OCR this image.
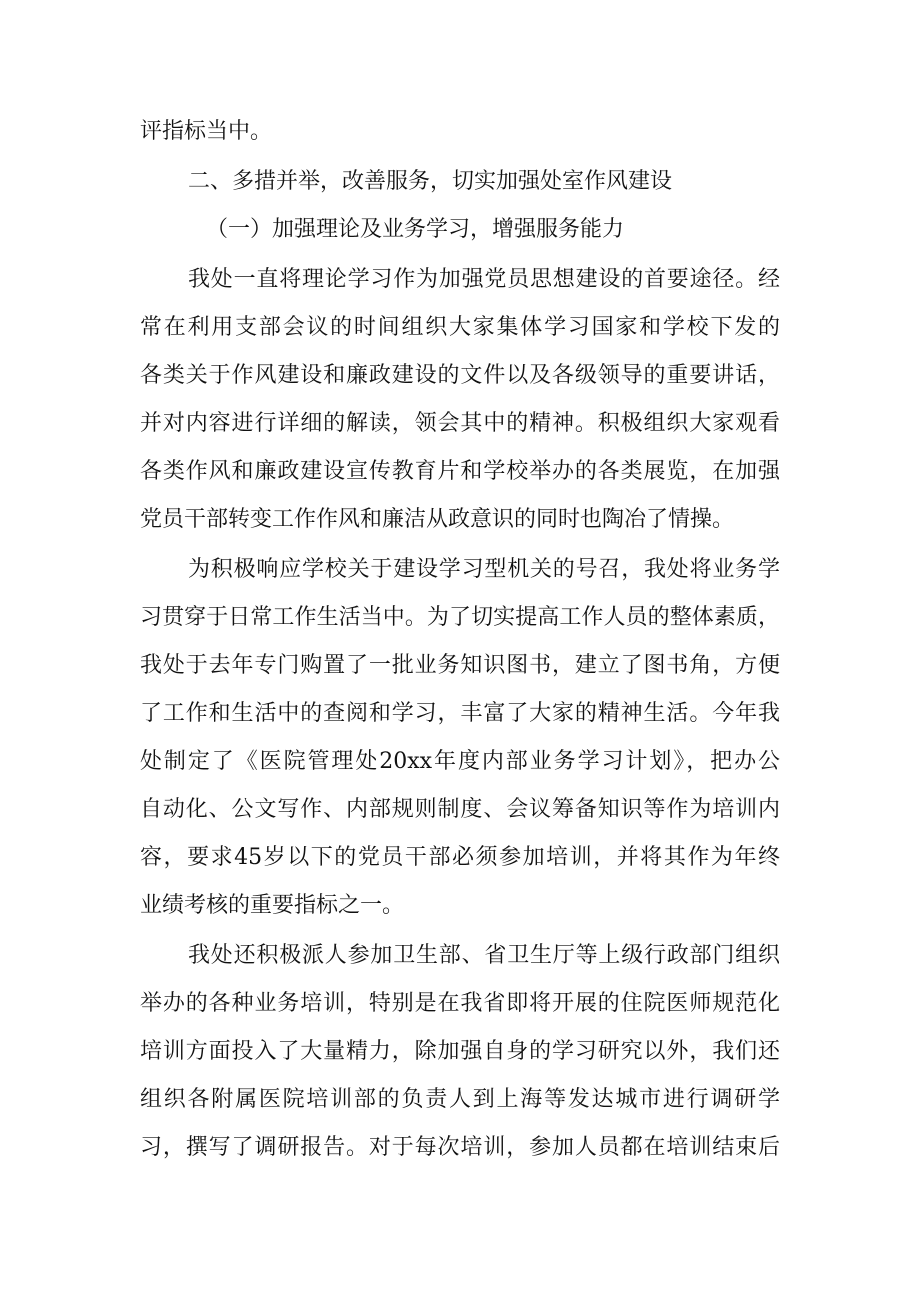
评指标当中。
二、多措并举，改善服务，切实加强处室作风建设
（一）加强理论及业务学习，增强服务能力
我处一直将理论学习作为加强党员思想建设的首要途径。经
常在利用支部会议的时间组织大家集体学习国家和学校下发的
各类关于作风建设和廉政建设的文件以及各级领导的重要讲话，
并对内容进行详细的解读，领会其中的精神。积极组织大家观看
各类作风和廉政建设宣传教育片和学校举办的各类展览，在加强
党员干部转变工作作风和廉洁从政意识的同时也陶冶了情操。
为积极响应学校关于建设学习型机关的号召，我处将业务学
习贯穿于日常工作生活当中。为了切实提高工作人员的整体素质，
我处于去年专门购置了一批业务知识图书，建立了图书角，方便
了工作和生活中的查阅和学习，丰富了大家的精神生活。今年我
处制定了《医院管理处20xx年度内部业务学习计划》，把办公
自动化、公文写作、内部规则制度、会议筹备知识等作为培训内
容，要求45岁以下的党员干部必须参加培训，并将其作为年终
业绩考核的重要指标之一。
我处还积极派人参加卫生部、省卫生厅等上级行政部门组织
举办的各种业务培训，特别是在我省即将开展的住院医师规范化
培训方面投入了大量精力，除加强自身的学习研究以外，我们还
组织各附属医院培训部的负责人到上海等发达城市进行调研学
习，撰写了调研报告。对于每次培训，参加人员都在培训结束后
